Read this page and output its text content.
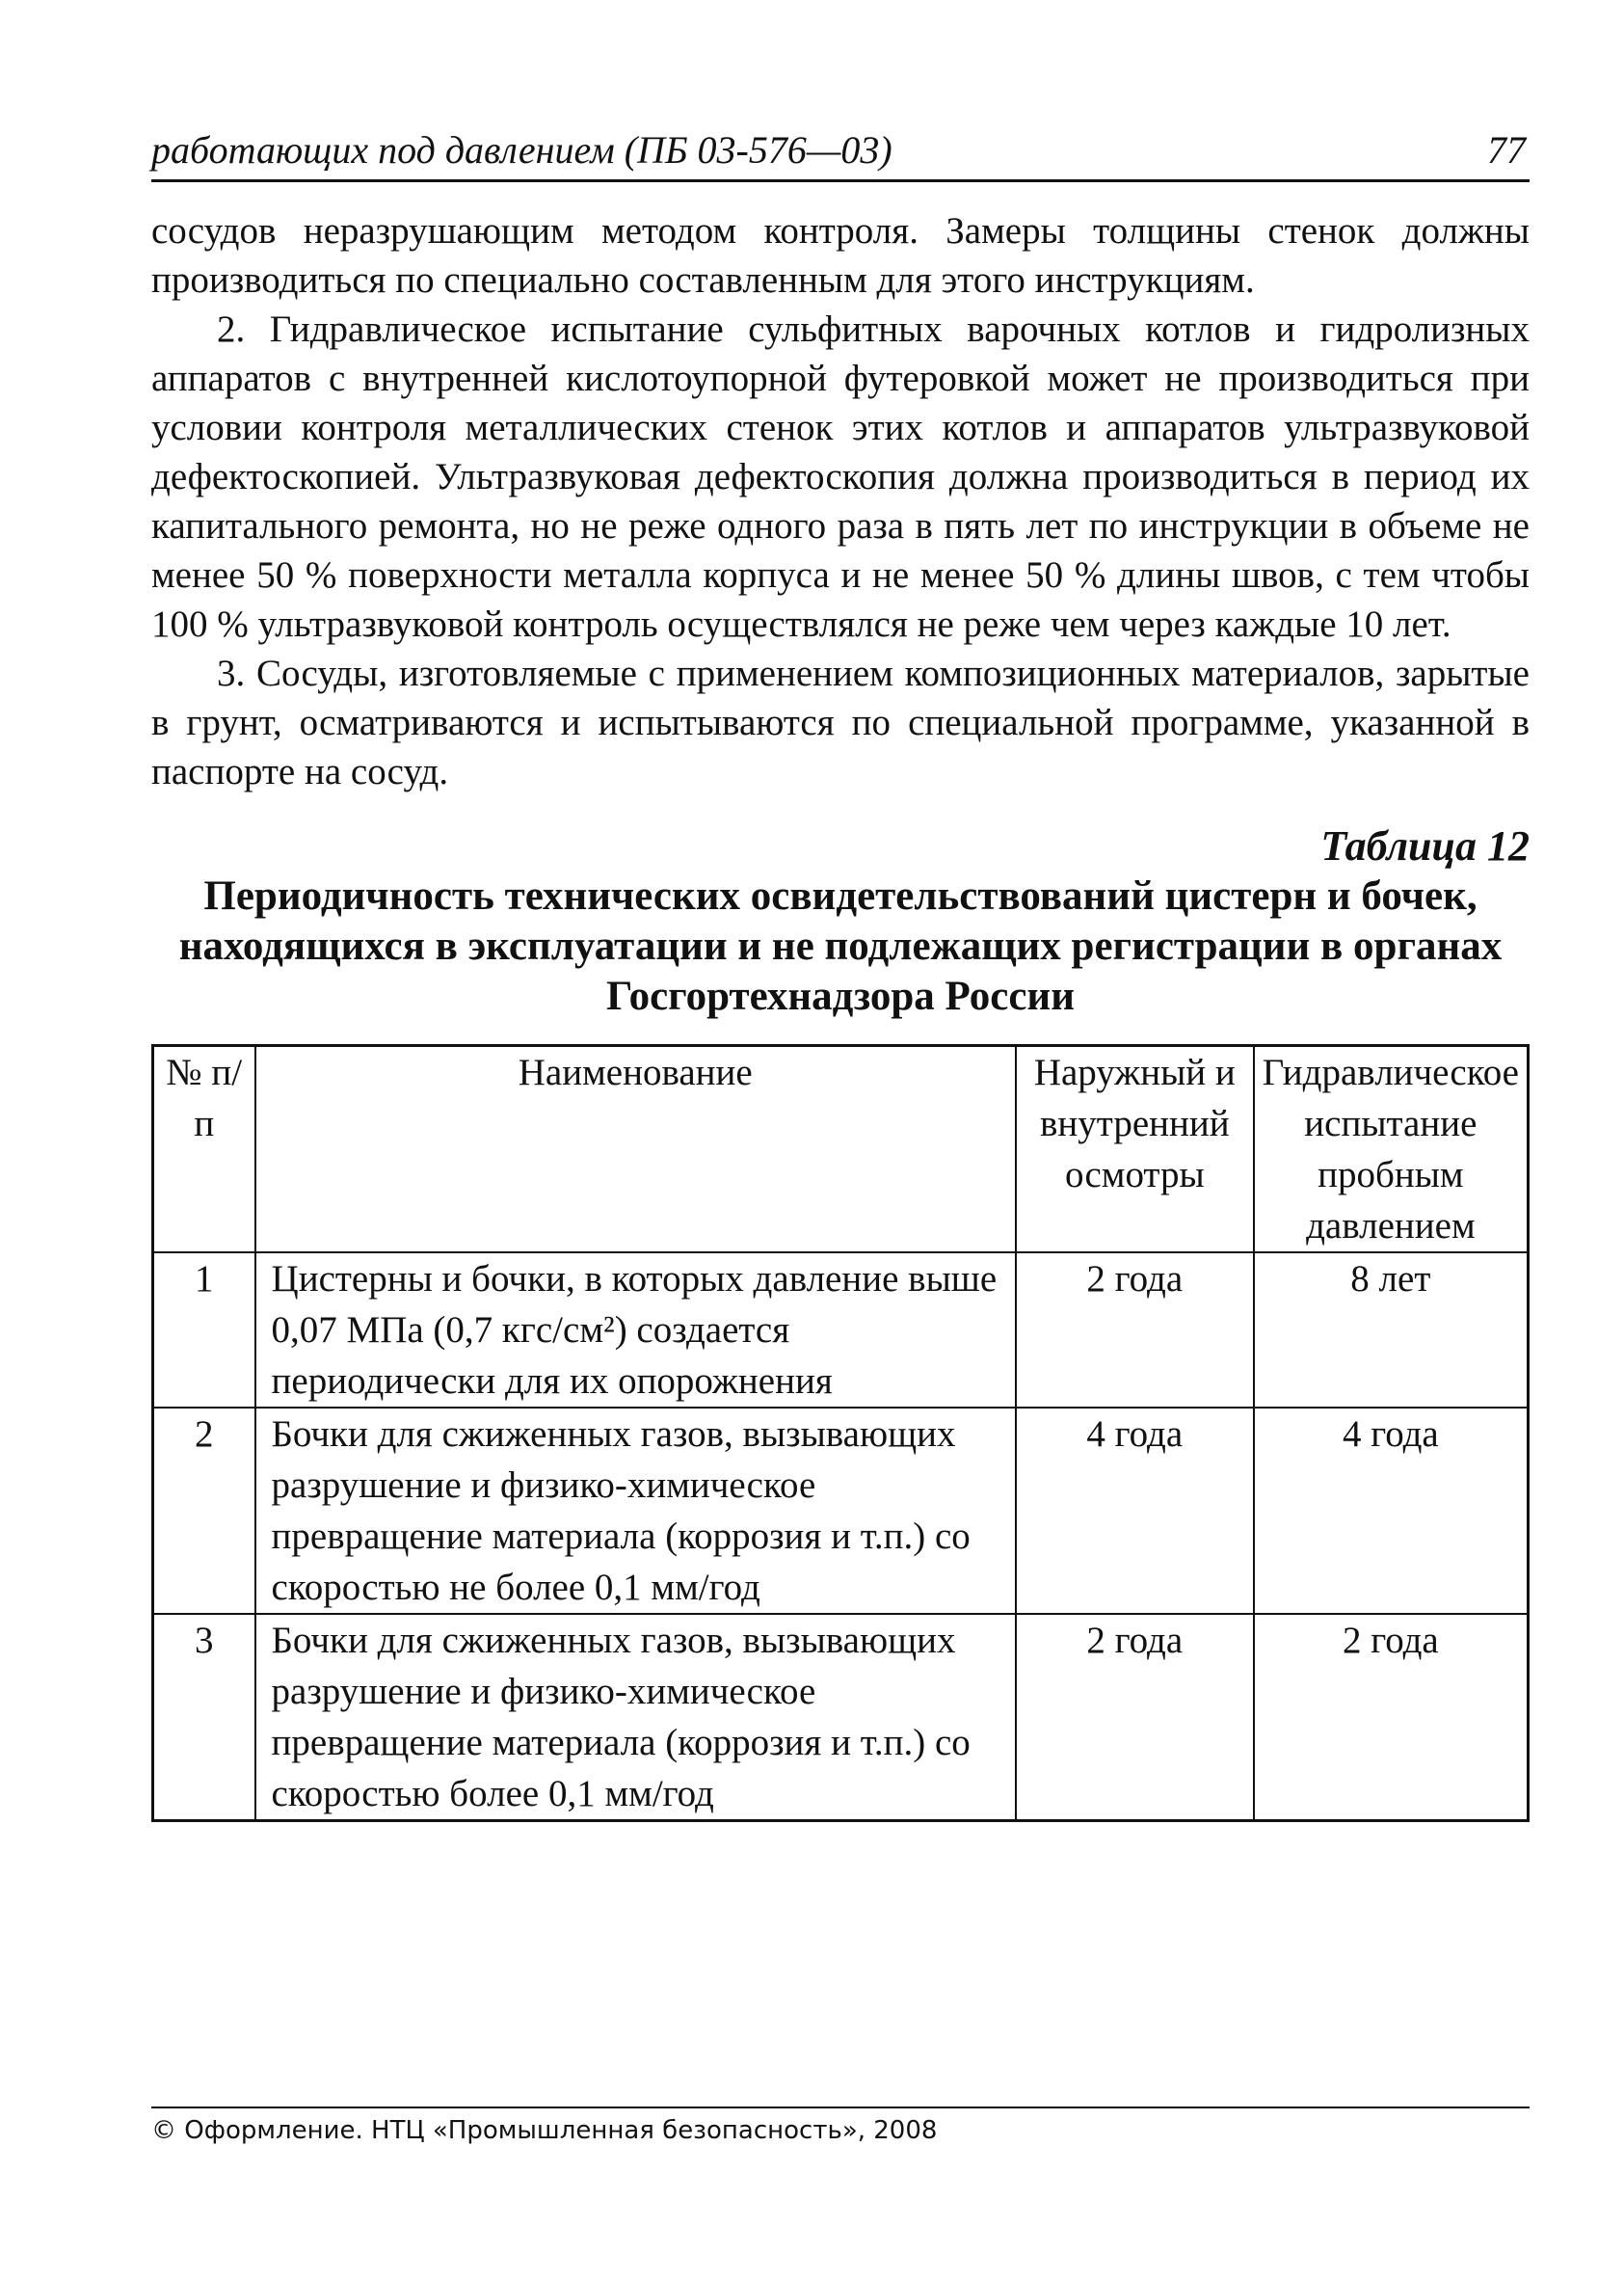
работающих под давлением (ПБ 03-576—03)	77

сосудов неразрушающим методом контроля. Замеры толщины стенок должны производиться по специально составленным для этого инструкциям.

2. Гидравлическое испытание сульфитных варочных котлов и гидролизных аппаратов с внутренней кислотоупорной футеровкой может не производиться при условии контроля металлических стенок этих котлов и аппаратов ультразвуковой дефектоскопией. Ультразвуковая дефектоскопия должна производиться в период их капитального ремонта, но не реже одного раза в пять лет по инструкции в объеме не менее 50 % поверхности металла корпуса и не менее 50 % длины швов, с тем чтобы 100 % ультразвуковой контроль осуществлялся не реже чем через каждые 10 лет.

3. Сосуды, изготовляемые с применением композиционных материалов, зарытые в грунт, осматриваются и испытываются по специальной программе, указанной в паспорте на сосуд.

Таблица 12
Периодичность технических освидетельствований цистерн и бочек, находящихся в эксплуатации и не подлежащих регистрации в органах Госгортехнадзора России
№ п/п	Наименование	Наружный и внутренний осмотры	Гидравлическое испытание пробным давлением
1	Цистерны и бочки, в которых давление выше 0,07 МПа (0,7 кгс/см²) создается периодически для их опорожнения	2 года	8 лет
2	Бочки для сжиженных газов, вызывающих разрушение и физико-химическое превращение материала (коррозия и т.п.) со скоростью не более 0,1 мм/год	4 года	4 года
3	Бочки для сжиженных газов, вызывающих разрушение и физико-химическое превращение материала (коррозия и т.п.) со скоростью более 0,1 мм/год	2 года	2 года
© Оформление. НТЦ «Промышленная безопасность», 2008
